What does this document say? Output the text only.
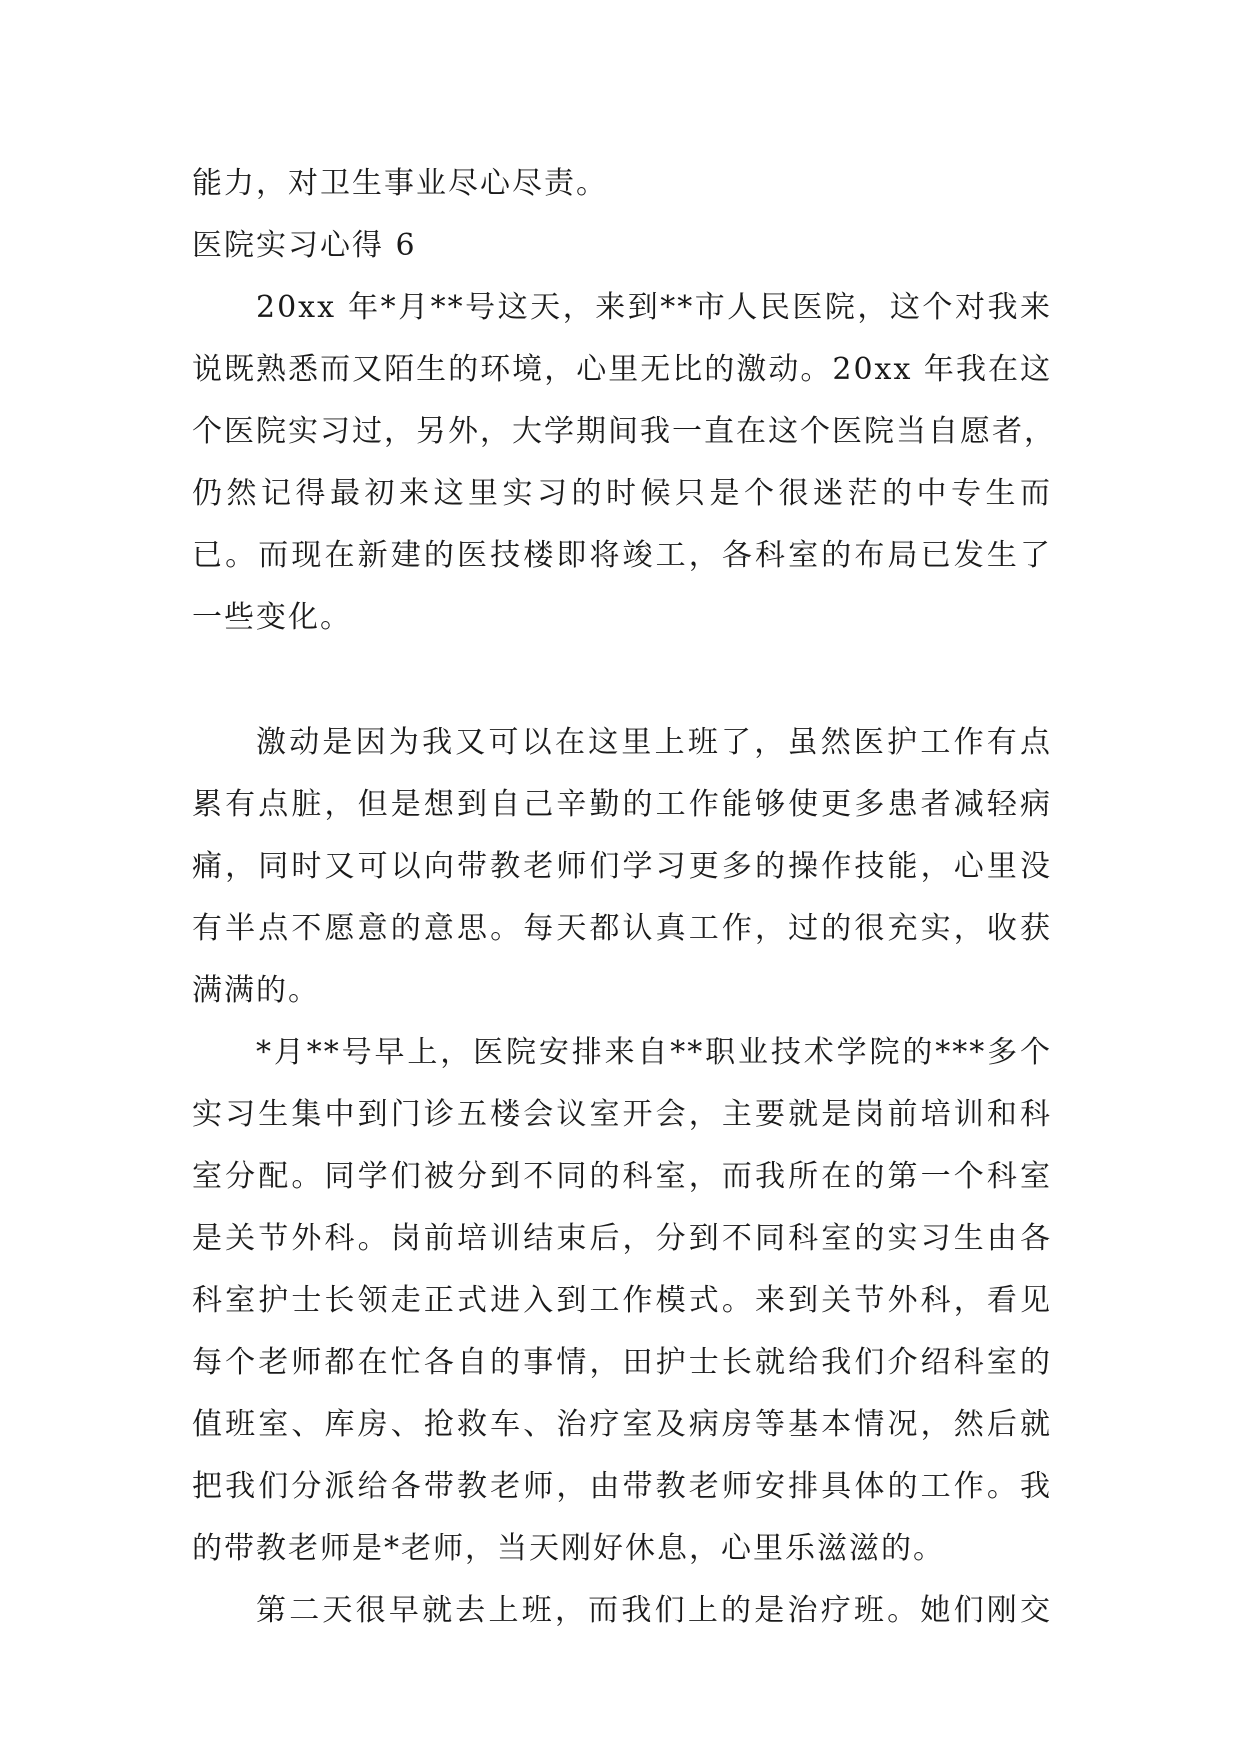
能力，对卫生事业尽心尽责。

医院实习心得 6

20xx 年*月**号这天，来到**市人民医院，这个对我来

说既熟悉而又陌生的环境，心里无比的激动。20xx 年我在这

个医院实习过，另外，大学期间我一直在这个医院当自愿者，

仍然记得最初来这里实习的时候只是个很迷茫的中专生而

已。而现在新建的医技楼即将竣工，各科室的布局已发生了

一些变化。

激动是因为我又可以在这里上班了，虽然医护工作有点

累有点脏，但是想到自己辛勤的工作能够使更多患者减轻病

痛，同时又可以向带教老师们学习更多的操作技能，心里没

有半点不愿意的意思。每天都认真工作，过的很充实，收获

满满的。

*月**号早上，医院安排来自**职业技术学院的***多个

实习生集中到门诊五楼会议室开会，主要就是岗前培训和科

室分配。同学们被分到不同的科室，而我所在的第一个科室

是关节外科。岗前培训结束后，分到不同科室的实习生由各

科室护士长领走正式进入到工作模式。来到关节外科，看见

每个老师都在忙各自的事情，田护士长就给我们介绍科室的

值班室、库房、抢救车、治疗室及病房等基本情况，然后就

把我们分派给各带教老师，由带教老师安排具体的工作。我

的带教老师是*老师，当天刚好休息，心里乐滋滋的。

第二天很早就去上班，而我们上的是治疗班。她们刚交
